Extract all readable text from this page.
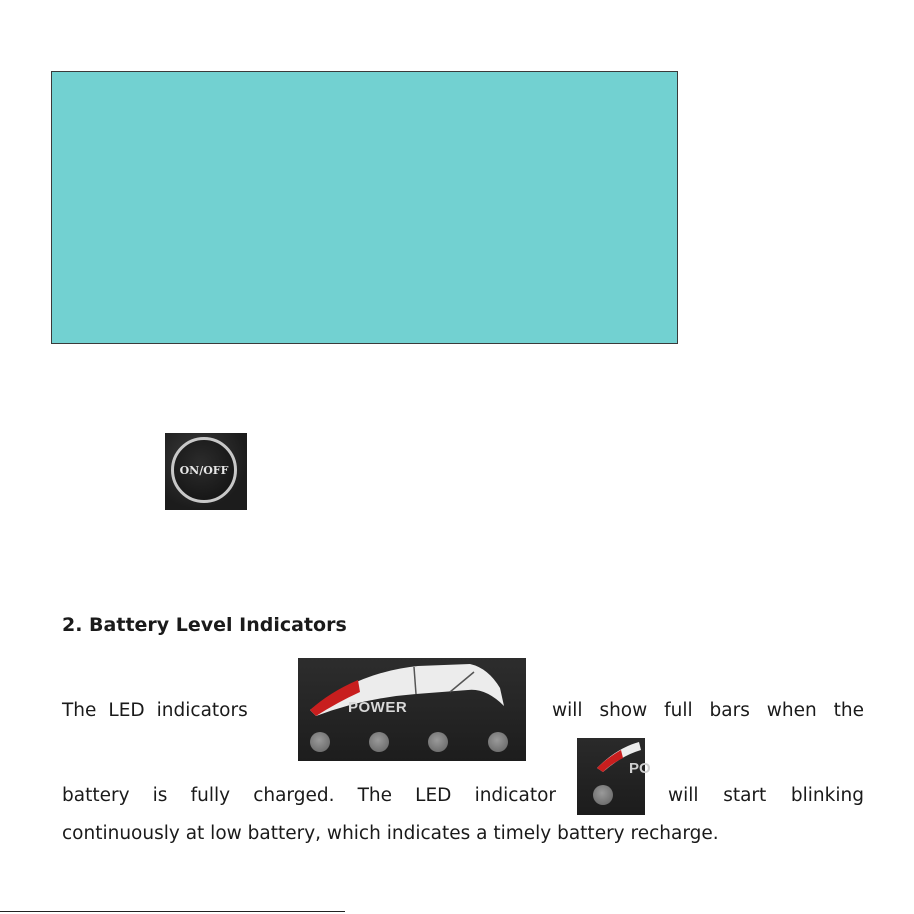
ON/OFF
2. Battery Level Indicators
The LED indicators	will show full bars when the
POWER
PO
battery is fully charged. The LED indicator	will start blinking
continuously at low battery, which indicates a timely battery recharge.
